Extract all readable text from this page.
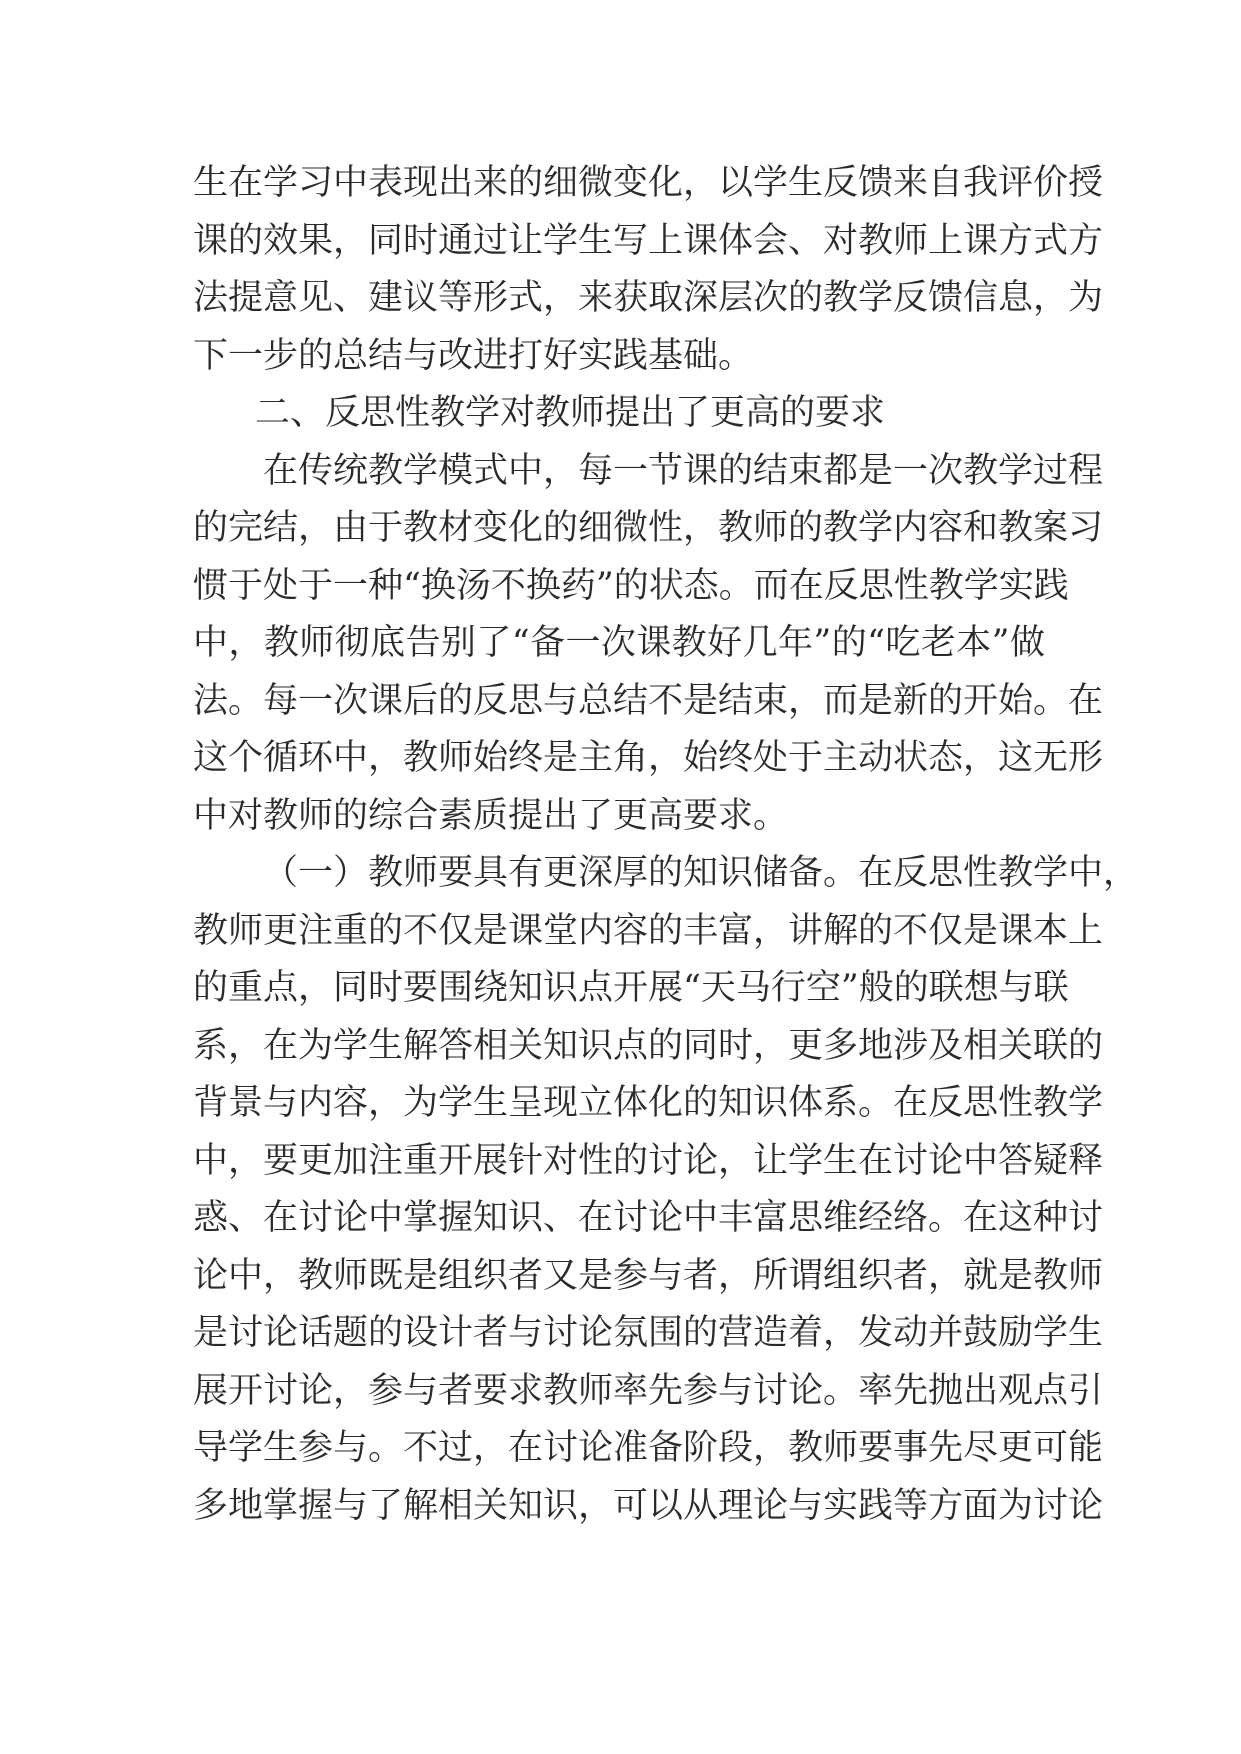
生在学习中表现出来的细微变化，以学生反馈来自我评价授
课的效果，同时通过让学生写上课体会、对教师上课方式方
法提意见、建议等形式，来获取深层次的教学反馈信息，为
下一步的总结与改进打好实践基础。
二、反思性教学对教师提出了更高的要求
在传统教学模式中，每一节课的结束都是一次教学过程
的完结，由于教材变化的细微性，教师的教学内容和教案习
惯于处于一种“换汤不换药”的状态。而在反思性教学实践
中，教师彻底告别了“备一次课教好几年”的“吃老本”做
法。每一次课后的反思与总结不是结束，而是新的开始。在
这个循环中，教师始终是主角，始终处于主动状态，这无形
中对教师的综合素质提出了更高要求。
（一）教师要具有更深厚的知识储备。在反思性教学中，
教师更注重的不仅是课堂内容的丰富，讲解的不仅是课本上
的重点，同时要围绕知识点开展“天马行空”般的联想与联
系，在为学生解答相关知识点的同时，更多地涉及相关联的
背景与内容，为学生呈现立体化的知识体系。在反思性教学
中，要更加注重开展针对性的讨论，让学生在讨论中答疑释
惑、在讨论中掌握知识、在讨论中丰富思维经络。在这种讨
论中，教师既是组织者又是参与者，所谓组织者，就是教师
是讨论话题的设计者与讨论氛围的营造着，发动并鼓励学生
展开讨论，参与者要求教师率先参与讨论。率先抛出观点引
导学生参与。不过，在讨论准备阶段，教师要事先尽更可能
多地掌握与了解相关知识，可以从理论与实践等方面为讨论
